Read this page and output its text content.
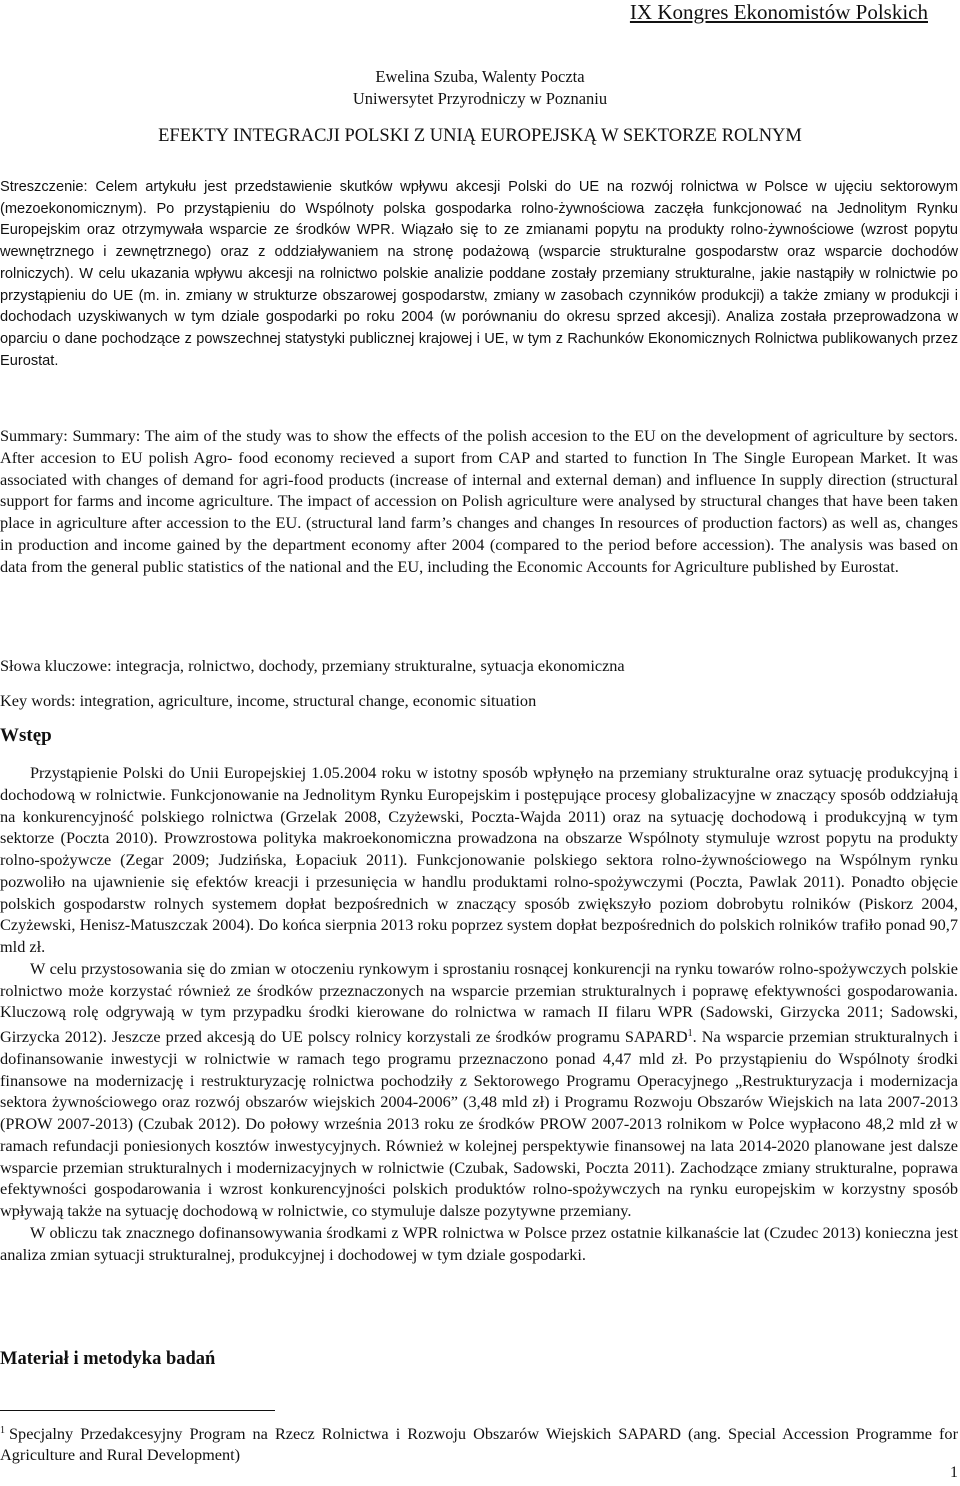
IX Kongres Ekonomistów Polskich
Ewelina Szuba, Walenty Poczta
Uniwersytet Przyrodniczy w Poznaniu
EFEKTY INTEGRACJI POLSKI Z UNIĄ EUROPEJSKĄ W SEKTORZE ROLNYM
Streszczenie: Celem artykułu jest przedstawienie skutków wpływu akcesji Polski do UE na rozwój rolnictwa w Polsce w ujęciu sektorowym (mezoekonomicznym). Po przystąpieniu do Wspólnoty polska gospodarka rolno-żywnościowa zaczęła funkcjonować na Jednolitym Rynku Europejskim oraz otrzymywała wsparcie ze środków WPR. Wiązało się to ze zmianami popytu na produkty rolno-żywnościowe (wzrost popytu wewnętrznego i zewnętrznego) oraz z oddziaływaniem na stronę podażową (wsparcie strukturalne gospodarstw oraz wsparcie dochodów rolniczych). W celu ukazania wpływu akcesji na rolnictwo polskie analizie poddane zostały przemiany strukturalne, jakie nastąpiły w rolnictwie po przystąpieniu do UE (m. in. zmiany w strukturze obszarowej gospodarstw, zmiany w zasobach czynników produkcji) a także zmiany w produkcji i dochodach uzyskiwanych w tym dziale gospodarki po roku 2004 (w porównaniu do okresu sprzed akcesji). Analiza została przeprowadzona w oparciu o dane pochodzące z powszechnej statystyki publicznej krajowej i UE, w tym z Rachunków Ekonomicznych Rolnictwa publikowanych przez Eurostat.
Summary: Summary: The aim of the study was to show the effects of the polish accesion to the EU on the development of agriculture by sectors. After accesion to EU polish Agro- food economy recieved a suport from CAP and started to function In The Single European Market. It was associated with changes of demand for agri-food products (increase of internal and external deman) and influence In supply direction (structural support for farms and income agriculture. The impact of accession on Polish agriculture were analysed by structural changes that have been taken place in agriculture after accession to the EU. (structural land farm’s changes and changes In resources of production factors) as well as, changes in production and income gained by the department economy after 2004 (compared to the period before accession). The analysis was based on data from the general public statistics of the national and the EU, including the Economic Accounts for Agriculture published by Eurostat.
Słowa kluczowe: integracja, rolnictwo, dochody, przemiany strukturalne, sytuacja ekonomiczna
Key words: integration, agriculture, income, structural change, economic situation
Wstęp

Przystąpienie Polski do Unii Europejskiej 1.05.2004 roku w istotny sposób wpłynęło na przemiany strukturalne oraz sytuację produkcyjną i dochodową w rolnictwie. Funkcjonowanie na Jednolitym Rynku Europejskim i postępujące procesy globalizacyjne w znaczący sposób oddziałują na konkurencyjność polskiego rolnictwa (Grzelak 2008, Czyżewski, Poczta-Wajda 2011) oraz na sytuację dochodową i produkcyjną w tym sektorze (Poczta 2010). Prowzrostowa polityka makroekonomiczna prowadzona na obszarze Wspólnoty stymuluje wzrost popytu na produkty rolno-spożywcze (Zegar 2009; Judzińska, Łopaciuk 2011). Funkcjonowanie polskiego sektora rolno-żywnościowego na Wspólnym rynku pozwoliło na ujawnienie się efektów kreacji i przesunięcia w handlu produktami rolno-spożywczymi (Poczta, Pawlak 2011). Ponadto objęcie polskich gospodarstw rolnych systemem dopłat bezpośrednich w znaczący sposób zwiększyło poziom dobrobytu rolników (Piskorz 2004, Czyżewski, Henisz-Matuszczak 2004). Do końca sierpnia 2013 roku poprzez system dopłat bezpośrednich do polskich rolników trafiło ponad 90,7 mld zł.

W celu przystosowania się do zmian w otoczeniu rynkowym i sprostaniu rosnącej konkurencji na rynku towarów rolno-spożywczych polskie rolnictwo może korzystać również ze środków przeznaczonych na wsparcie przemian strukturalnych i poprawę efektywności gospodarowania. Kluczową rolę odgrywają w tym przypadku środki kierowane do rolnictwa w ramach II filaru WPR (Sadowski, Girzycka 2011; Sadowski, Girzycka 2012). Jeszcze przed akcesją do UE polscy rolnicy korzystali ze środków programu SAPARD$^1$. Na wsparcie przemian strukturalnych i dofinansowanie inwestycji w rolnictwie w ramach tego programu przeznaczono ponad 4,47 mld zł. Po przystąpieniu do Wspólnoty środki finansowe na modernizację i restrukturyzację rolnictwa pochodziły z Sektorowego Programu Operacyjnego „Restrukturyzacja i modernizacja sektora żywnościowego oraz rozwój obszarów wiejskich 2004-2006” (3,48 mld zł) i Programu Rozwoju Obszarów Wiejskich na lata 2007-2013 (PROW 2007-2013) (Czubak 2012). Do połowy września 2013 roku ze środków PROW 2007-2013 rolnikom w Polce wypłacono 48,2 mld zł w ramach refundacji poniesionych kosztów inwestycyjnych. Również w kolejnej perspektywie finansowej na lata 2014-2020 planowane jest dalsze wsparcie przemian strukturalnych i modernizacyjnych w rolnictwie (Czubak, Sadowski, Poczta 2011). Zachodzące zmiany strukturalne, poprawa efektywności gospodarowania i wzrost konkurencyjności polskich produktów rolno-spożywczych na rynku europejskim w korzystny sposób wpływają także na sytuację dochodową w rolnictwie, co stymuluje dalsze pozytywne przemiany.

W obliczu tak znacznego dofinansowywania środkami z WPR rolnictwa w Polsce przez ostatnie kilkanaście lat (Czudec 2013) konieczna jest analiza zmian sytuacji strukturalnej, produkcyjnej i dochodowej w tym dziale gospodarki.

Materiał i metodyka badań
$^1$ Specjalny Przedakcesyjny Program na Rzecz Rolnictwa i Rozwoju Obszarów Wiejskich SAPARD (ang. Special Accession Programme for Agriculture and Rural Development)
1
